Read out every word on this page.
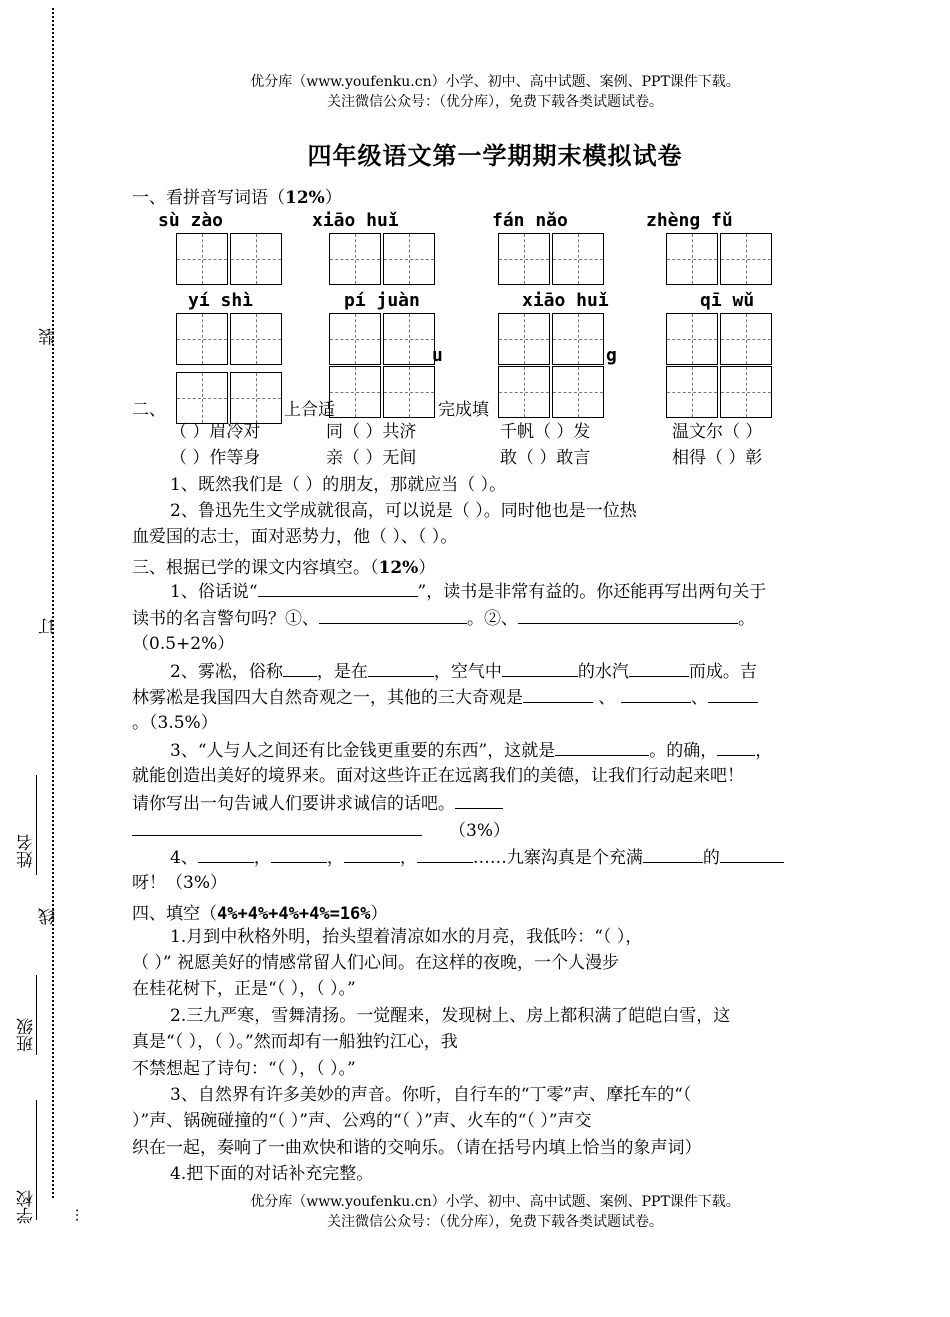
装
订
线
姓名
班级
学校 …
优分库（www.youfenku.cn）小学、初中、高中试题、案例、PPT课件下载。
关注微信公众号：（优分库），免费下载各类试题试卷。
四年级语文第一学期期末模拟试卷
一、看拼音写词语（12%）
sù zào	xiāo huǐ	fán nǎo	zhèng fǔ
yí shì	pí juàn	xiāo huǐ	qī wǔ
u	g
二、	上合适	完成填
（ ）眉冷对	同（ ）共济	千帆（ ）发	温文尔（ ）
（ ）作等身	亲（ ）无间	敢（ ）敢言	相得（ ）彰
1、既然我们是（ ）的朋友，那就应当（ ）。
2、鲁迅先生文学成就很高，可以说是（ ）。同时他也是一位热
血爱国的志士，面对恶势力，他（ ）、（ ）。
三、根据已学的课文内容填空。（12%）
1、俗话说“	”，读书是非常有益的。你还能再写出两句关于
读书的名言警句吗？①、	。②、	。
（0.5+2%）
2、雾凇，俗称 ，是在	，空气中	的水汽	而成。吉
林雾凇是我国四大自然奇观之一，其他的三大奇观是	、	、
。（3.5%）
3、“人与人之间还有比金钱更重要的东西”，这就是	。的确， ，
就能创造出美好的境界来。面对这些许正在远离我们的美德，让我们行动起来吧！
请你写出一句告诫人们要讲求诚信的话吧。
（3%）
4、	，	，	，	……九寨沟真是个充满	的
呀！（3%）
四、填空（4%+4%+4%+4%=16%）
1.月到中秋格外明，抬头望着清凉如水的月亮，我低吟：“（ ），
（ ）” 祝愿美好的情感常留人们心间。在这样的夜晚，一个人漫步
在桂花树下，正是“（ ），（ ）。”
2.三九严寒，雪舞清扬。一觉醒来，发现树上、房上都积满了皑皑白雪，这
真是“（ ），（ ）。”然而却有一船独钓江心，我
不禁想起了诗句：“（ ），（ ）。”
3、自然界有许多美妙的声音。你听，自行车的“丁零”声、摩托车的“（
）”声、锅碗碰撞的“（ ）”声、公鸡的“（ ）”声、火车的“（ ）”声交
织在一起，奏响了一曲欢快和谐的交响乐。（请在括号内填上恰当的象声词）
4.把下面的对话补充完整。
优分库（www.youfenku.cn）小学、初中、高中试题、案例、PPT课件下载。
关注微信公众号：（优分库），免费下载各类试题试卷。
